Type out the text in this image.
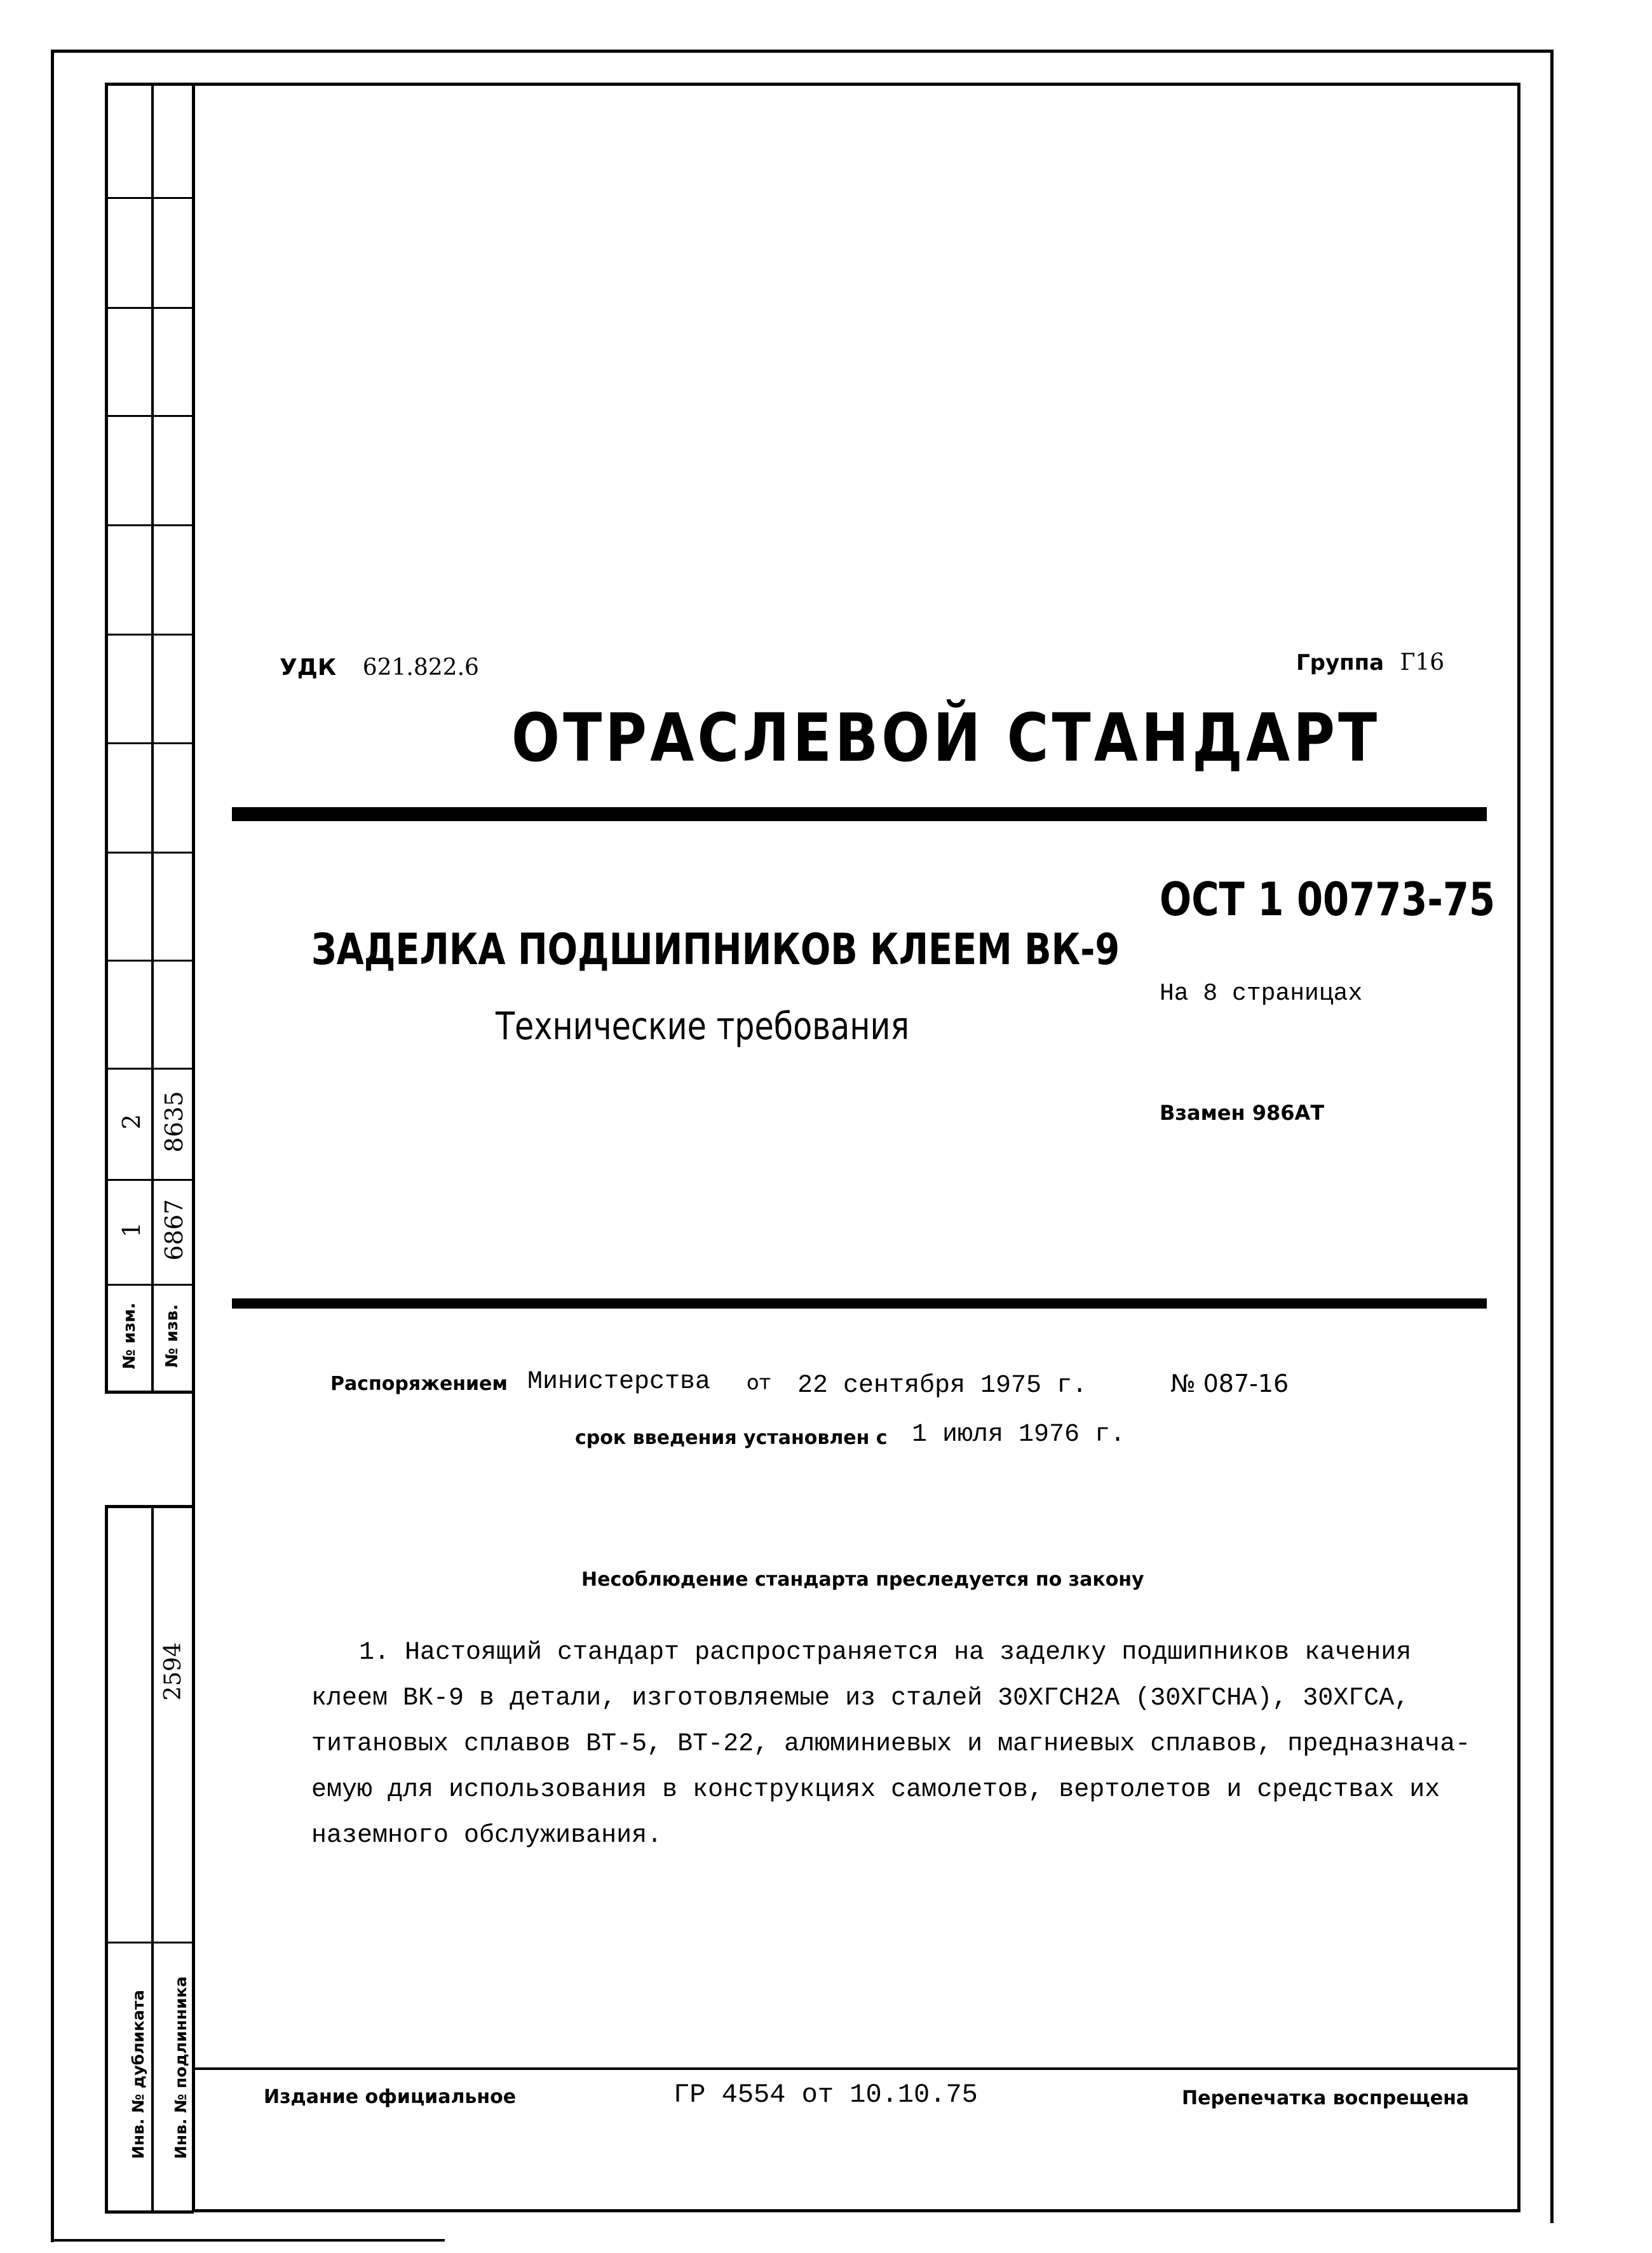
2 8635
1 6867
№ изм. № изв.
2594
Инв. № дубликата Инв. № подлинника
УДК 621.822.6	Группа Г16
ОТРАСЛЕВОЙ СТАНДАРТ
ОСТ 1 00773-75
ЗАДЕЛКА ПОДШИПНИКОВ КЛЕЕМ ВК-9
Технические требования
На 8 страницах
Взамен 986АТ
Распоряжением Министерства от 22 сентября 1975 г.	№ 087-16
срок введения установлен с 1 июля 1976 г.
Несоблюдение стандарта преследуется по закону
1. Настоящий стандарт распространяется на заделку подшипников качения
клеем ВК-9 в детали, изготовляемые из сталей 30ХГСН2А (30ХГСНА), 30ХГСА,
титановых сплавов ВТ-5, ВТ-22, алюминиевых и магниевых сплавов, предназнача-
емую для использования в конструкциях самолетов, вертолетов и средствах их
наземного обслуживания.
Издание официальное	ГР 4554 от 10.10.75	Перепечатка воспрещена
